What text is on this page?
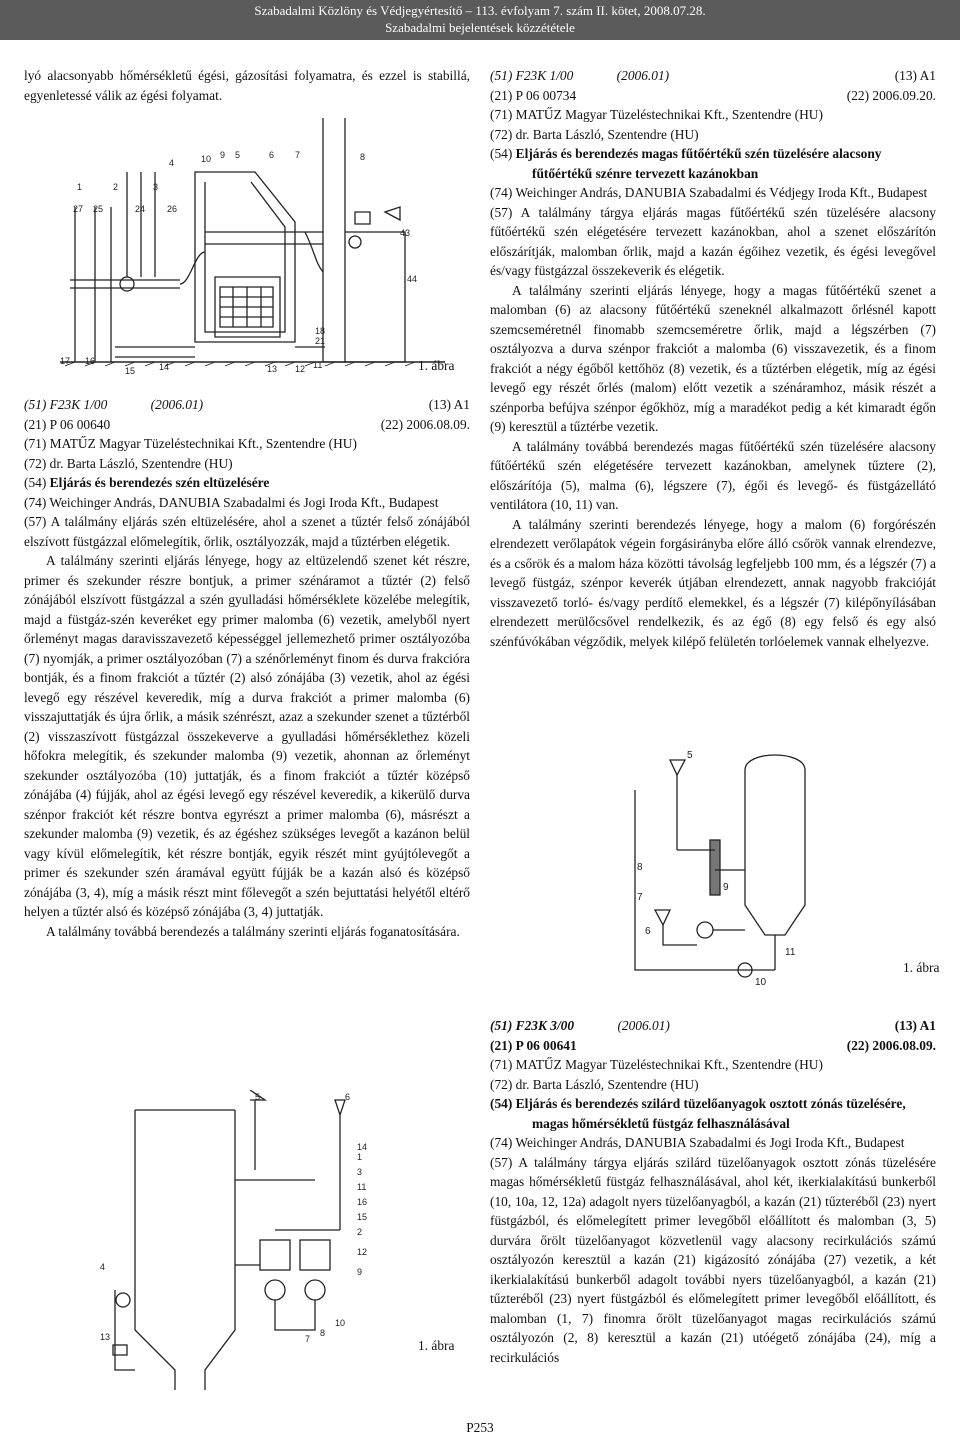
Szabadalmi Közlöny és Védjegyértesítő – 113. évfolyam 7. szám II. kötet, 2008.07.28.
Szabadalmi bejelentések közzététele
lyó alacsonyabb hőmérsékletű égési, gázosítási folyamatra, és ezzel is stabillá, egyenletessé válik az égési folyamat.
1	2	3
4
5	6 7	8
9
10
11
12
13
14
15
16
17
18
21
24
25	26
27
43
44
1. ábra
(51) F23K 1/00	(2006.01)	(13) A1
(21) P 06 00640	(22) 2006.08.09.
(71) MATŰZ Magyar Tüzeléstechnikai Kft., Szentendre (HU)
(72) dr. Barta László, Szentendre (HU)
(54) Eljárás és berendezés szén eltüzelésére
(74) Weichinger András, DANUBIA Szabadalmi és Jogi Iroda Kft., Budapest
(57) A találmány eljárás szén eltüzelésére, ahol a szenet a tűztér felső zónájából elszívott füstgázzal előmelegítik, őrlik, osztályozzák, majd a tűztérben elégetik.
A találmány szerinti eljárás lényege, hogy az eltüzelendő szenet két részre, primer és szekunder részre bontjuk, a primer szénáramot a tűztér (2) felső zónájából elszívott füstgázzal a szén gyulladási hőmérséklete közelébe melegítik, majd a füstgáz-szén keveréket egy primer malomba (6) vezetik, amelyből nyert őrleményt magas daravisszavezető képességgel jellemezhető primer osztályozóba (7) nyomják, a primer osztályozóban (7) a szénőrleményt finom és durva frakcióra bontják, és a finom frakciót a tűztér (2) alsó zónájába (3) vezetik, ahol az égési levegő egy részével keveredik, míg a durva frakciót a primer malomba (6) visszajuttatják és újra őrlik, a másik szénrészt, azaz a szekunder szenet a tűztérből (2) visszaszívott füstgázzal összekeverve a gyulladási hőmérséklethez közeli hőfokra melegítik, és szekunder malomba (9) vezetik, ahonnan az őrleményt szekunder osztályozóba (10) juttatják, és a finom frakciót a tűztér középső zónájába (4) fújják, ahol az égési levegő egy részével keveredik, a kikerülő durva szénpor frakciót két részre bontva egyrészt a primer malomba (6), másrészt a szekunder malomba (9) vezetik, és az égéshez szükséges levegőt a kazánon belül vagy kívül előmelegítik, két részre bontják, egyik részét mint gyújtólevegőt a primer és szekunder szén áramával együtt fújják be a kazán alsó és középső zónájába (3, 4), míg a másik részt mint főlevegőt a szén bejuttatási helyétől eltérő helyen a tűztér alsó és középső zónájába (3, 4) juttatják.
A találmány továbbá berendezés a találmány szerinti eljárás foganatosítására.
5	6
14
1
3
11
16
15
2
12
9
10
8
7
4
13
1. ábra
(51) F23K 1/00	(2006.01)	(13) A1
(21) P 06 00734	(22) 2006.09.20.
(71) MATŰZ Magyar Tüzeléstechnikai Kft., Szentendre (HU)
(72) dr. Barta László, Szentendre (HU)
(54) Eljárás és berendezés magas fűtőértékű szén tüzelésére alacsony fűtőértékű szénre tervezett kazánokban
(74) Weichinger András, DANUBIA Szabadalmi és Védjegy Iroda Kft., Budapest
(57) A találmány tárgya eljárás magas fűtőértékű szén tüzelésére alacsony fűtőértékű szén elégetésére tervezett kazánokban, ahol a szenet előszárítón előszárítják, malomban őrlik, majd a kazán égőihez vezetik, és égési levegővel és/vagy füstgázzal összekeverik és elégetik.
A találmány szerinti eljárás lényege, hogy a magas fűtőértékű szenet a malomban (6) az alacsony fűtőértékű szeneknél alkalmazott őrlésnél kapott szemcseméretnél finomabb szemcseméretre őrlik, majd a légszérben (7) osztályozva a durva szénpor frakciót a malomba (6) visszavezetik, és a finom frakciót a négy égőből kettőhöz (8) vezetik, és a tűztérben elégetik, míg az égési levegő egy részét őrlés (malom) előtt vezetik a szénáramhoz, másik részét a szénporba befújva szénpor égőkhöz, míg a maradékot pedig a két kimaradt égőn (9) keresztül a tűztérbe vezetik.
A találmány továbbá berendezés magas fűtőértékű szén tüzelésére alacsony fűtőértékű szén elégetésére tervezett kazánokban, amelynek tűztere (2), előszárítója (5), malma (6), légszere (7), égői és levegő- és füstgázellátó ventilátora (10, 11) van.
A találmány szerinti berendezés lényege, hogy a malom (6) forgórészén elrendezett verőlapátok végein forgásirányba előre álló csőrök vannak elrendezve, és a csőrök és a malom háza közötti távolság legfeljebb 100 mm, és a légszér (7) a levegő füstgáz, szénpor keverék útjában elrendezett, annak nagyobb frakcióját visszavezető torló- és/vagy perdítő elemekkel, és a légszér (7) kilépőnyílásában elrendezett merülőcsővel rendelkezik, és az égő (8) egy felső és egy alsó szénfúvókában végződik, melyek kilépő felületén torlóelemek vannak elhelyezve.
5
8
7
6
10
11
9
1. ábra
(51) F23K 3/00	(2006.01)	(13) A1
(21) P 06 00641	(22) 2006.08.09.
(71) MATŰZ Magyar Tüzeléstechnikai Kft., Szentendre (HU)
(72) dr. Barta László, Szentendre (HU)
(54) Eljárás és berendezés szilárd tüzelőanyagok osztott zónás tüzelésére, magas hőmérsékletű füstgáz felhasználásával
(74) Weichinger András, DANUBIA Szabadalmi és Jogi Iroda Kft., Budapest
(57) A találmány tárgya eljárás szilárd tüzelőanyagok osztott zónás tüzelésére magas hőmérsékletű füstgáz felhasználásával, ahol két, ikerkialakítású bunkerből (10, 10a, 12, 12a) adagolt nyers tüzelőanyagból, a kazán (21) tűzteréből (23) nyert füstgázból, és előmelegített primer levegőből előállított és malomban (3, 5) durvára őrölt tüzelőanyagot közvetlenül vagy alacsony recirkulációs számú osztályozón keresztül a kazán (21) kigázosító zónájába (27) vezetik, a két ikerkialakítású bunkerből adagolt további nyers tüzelőanyagból, a kazán (21) tűzteréből (23) nyert füstgázból és előmelegített primer levegőből előállított, és malomban (1, 7) finomra őrölt tüzelőanyagot magas recirkulációs számú osztályozón (2, 8) keresztül a kazán (21) utóégető zónájába (24), míg a recirkulációs
P253
